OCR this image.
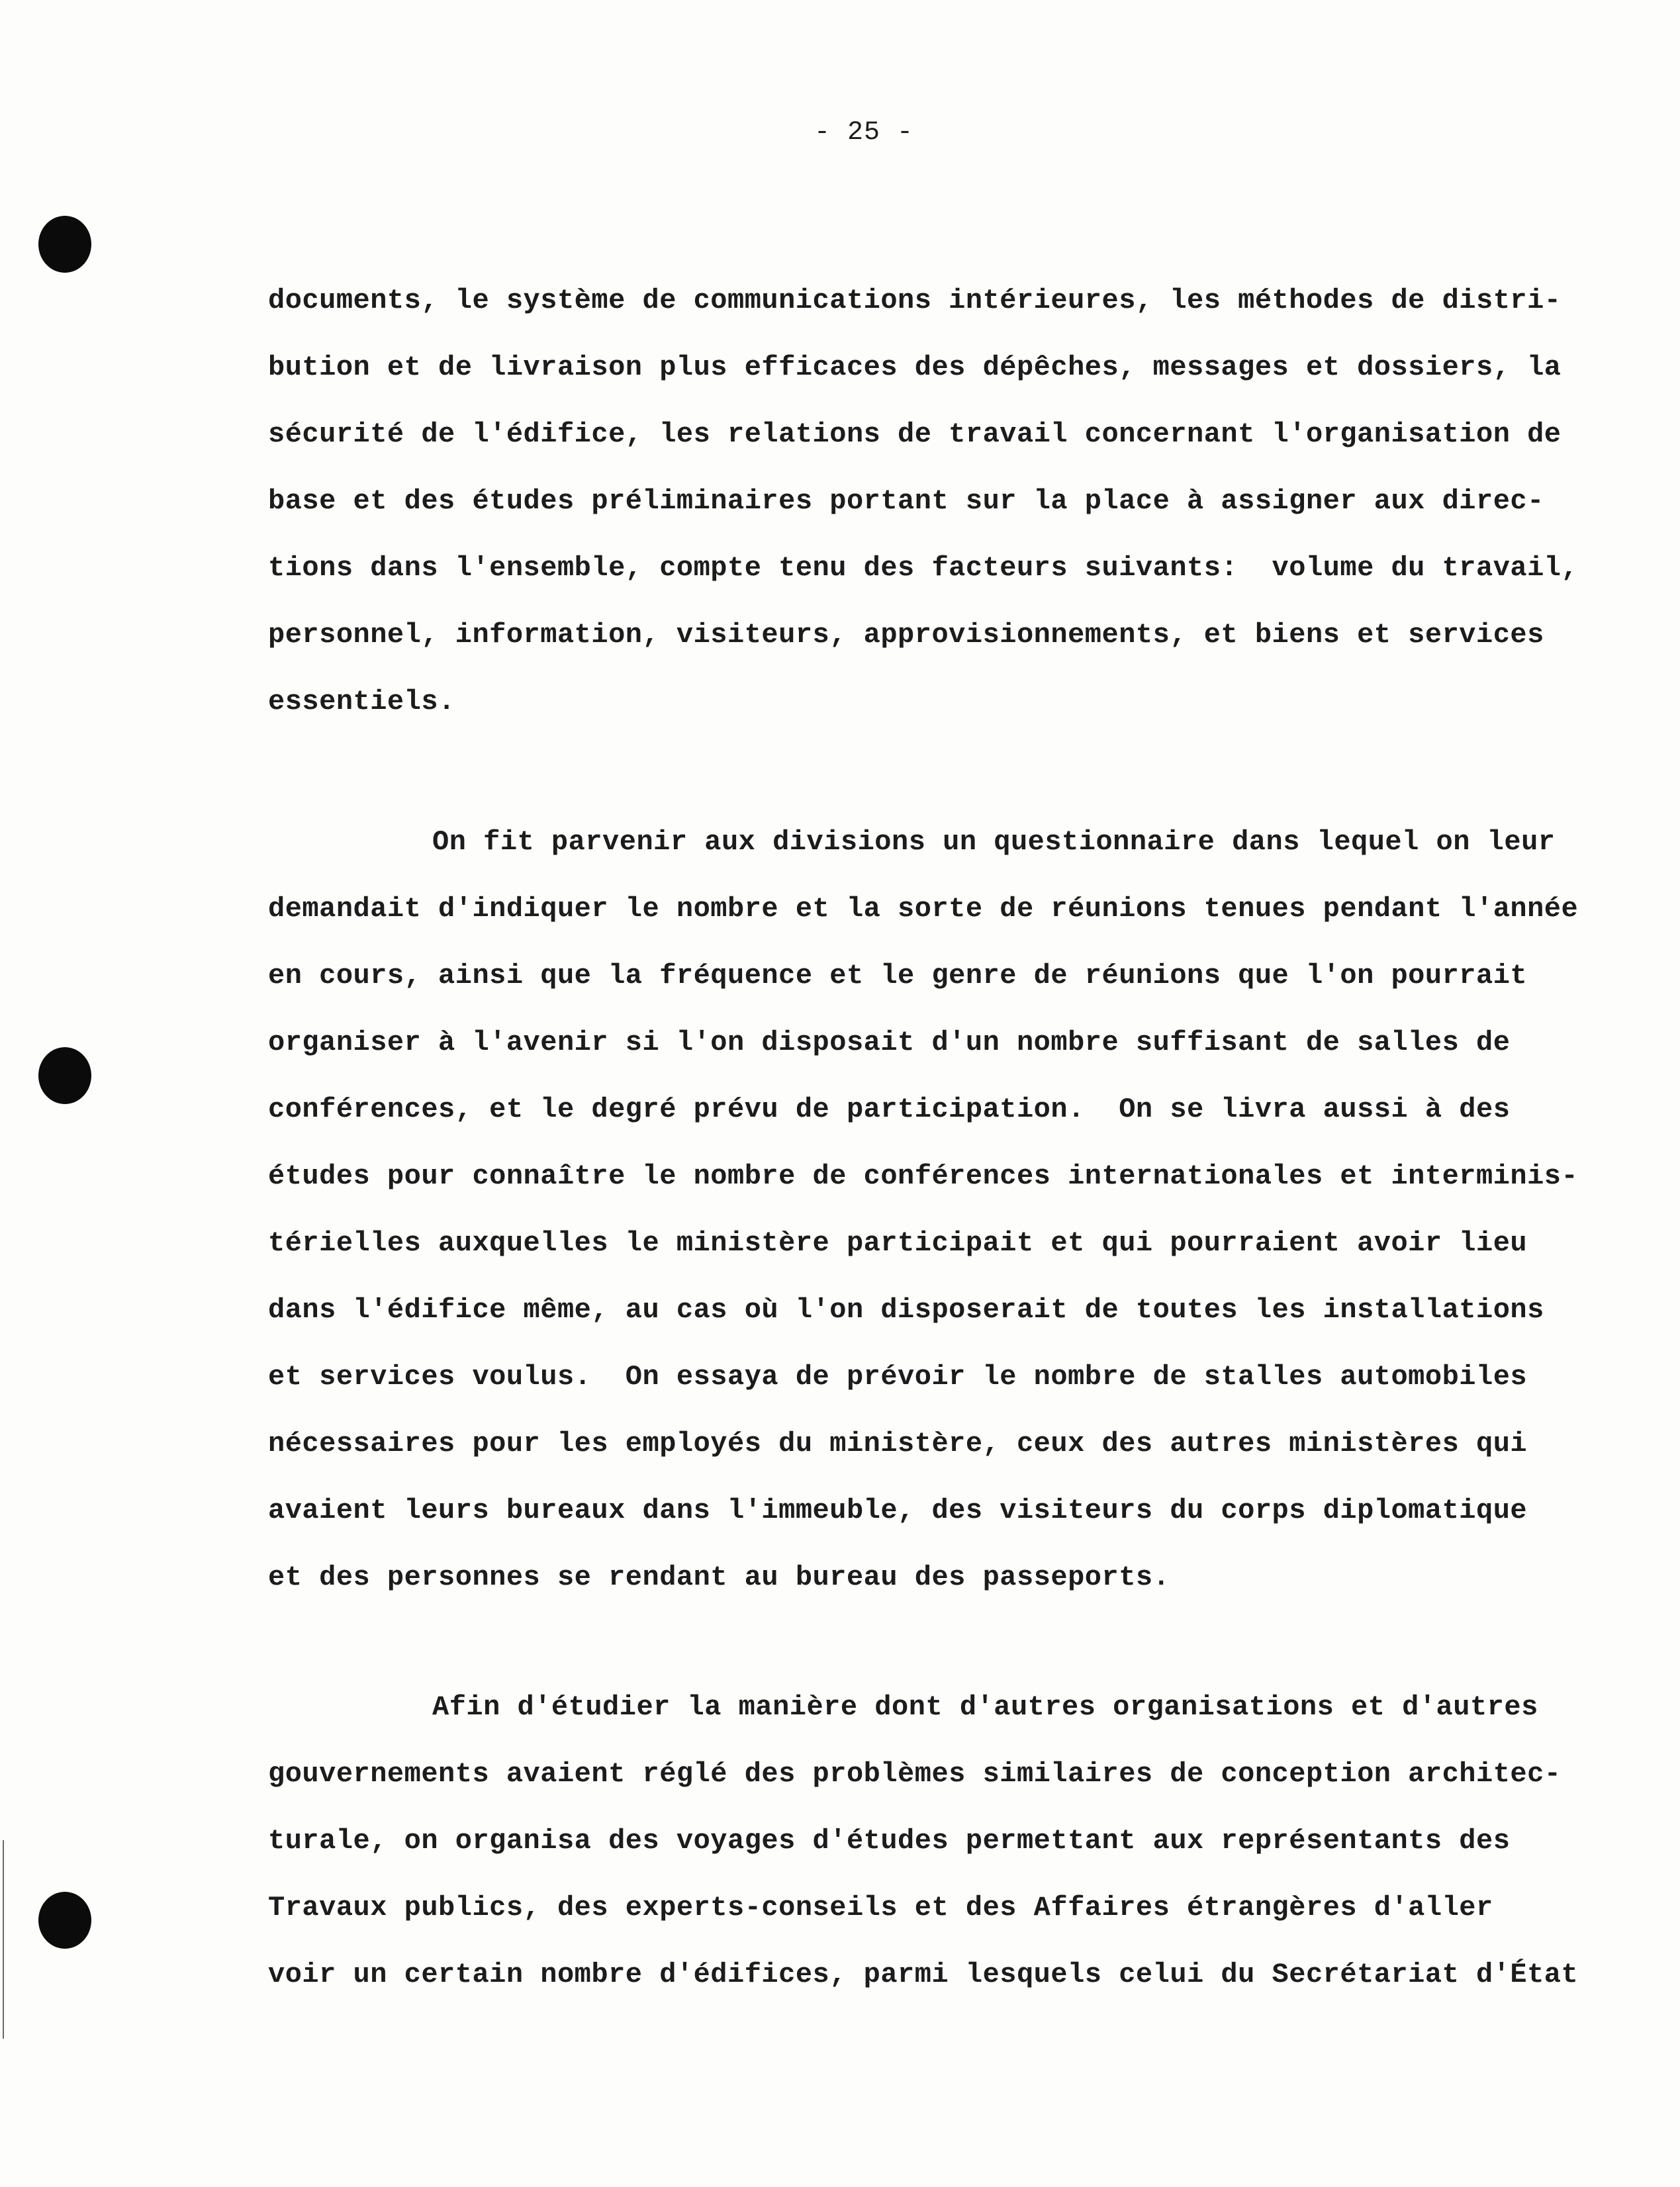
- 25 -
documents, le système de communications intérieures, les méthodes de distri-
bution et de livraison plus efficaces des dépêches, messages et dossiers, la
sécurité de l'édifice, les relations de travail concernant l'organisation de
base et des études préliminaires portant sur la place à assigner aux direc-
tions dans l'ensemble, compte tenu des facteurs suivants:  volume du travail,
personnel, information, visiteurs, approvisionnements, et biens et services
essentiels.
On fit parvenir aux divisions un questionnaire dans lequel on leur
demandait d'indiquer le nombre et la sorte de réunions tenues pendant l'année
en cours, ainsi que la fréquence et le genre de réunions que l'on pourrait
organiser à l'avenir si l'on disposait d'un nombre suffisant de salles de
conférences, et le degré prévu de participation.  On se livra aussi à des
études pour connaître le nombre de conférences internationales et interminis-
térielles auxquelles le ministère participait et qui pourraient avoir lieu
dans l'édifice même, au cas où l'on disposerait de toutes les installations
et services voulus.  On essaya de prévoir le nombre de stalles automobiles
nécessaires pour les employés du ministère, ceux des autres ministères qui
avaient leurs bureaux dans l'immeuble, des visiteurs du corps diplomatique
et des personnes se rendant au bureau des passeports.
Afin d'étudier la manière dont d'autres organisations et d'autres
gouvernements avaient réglé des problèmes similaires de conception architec-
turale, on organisa des voyages d'études permettant aux représentants des
Travaux publics, des experts-conseils et des Affaires étrangères d'aller
voir un certain nombre d'édifices, parmi lesquels celui du Secrétariat d'État
